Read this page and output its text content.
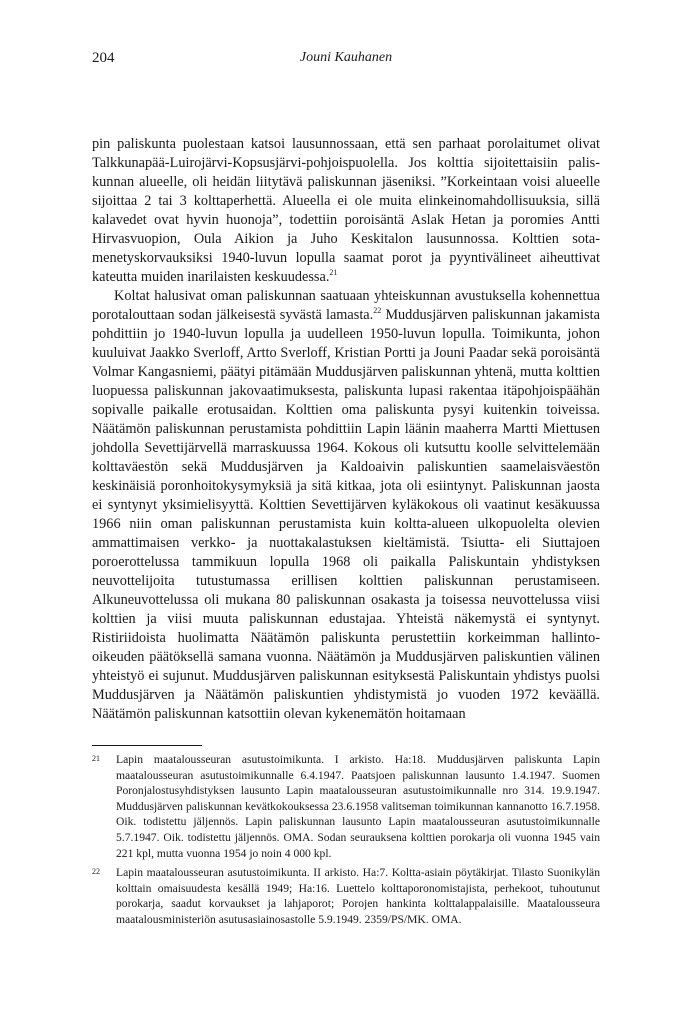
204	Jouni Kauhanen

pin paliskunta puolestaan katsoi lausunnossaan, että sen parhaat porolaitumet olivat Talkkunapää-Luirojärvi-Kopsusjärvi-pohjoispuolella. Jos kolttia sijoitettaisiin paliskunnan alueelle, oli heidän liitytävä paliskunnan jäseniksi. ”Korkeintaan voisi alueelle sijoittaa 2 tai 3 kolttaperhettä. Alueella ei ole muita elinkeinomahdollisuuksia, sillä kalavedet ovat hyvin huonoja”, todettiin poroisäntä Aslak Hetan ja poromies Antti Hirvasvuopion, Oula Aikion ja Juho Keskitalon lausunnossa. Kolttien sotamenetyskorvauksiksi 1940-luvun lopulla saamat porot ja pyyntivälineet aiheuttivat kateutta muiden inarilaisten keskuudessa.$^{21}$

Koltat halusivat oman paliskunnan saatuaan yhteiskunnan avustuksella kohennettua porotalouttaan sodan jälkeisestä syvästä lamasta.$^{22}$ Muddusjärven paliskunnan jakamista pohdittiin jo 1940-luvun lopulla ja uudelleen 1950-luvun lopulla. Toimikunta, johon kuuluivat Jaakko Sverloff, Artto Sverloff, Kristian Portti ja Jouni Paadar sekä poroisäntä Volmar Kangasniemi, päätyi pitämään Muddusjärven paliskunnan yhtenä, mutta kolttien luopuessa paliskunnan jakovaatimuksesta, paliskunta lupasi rakentaa itäpohjoispäähän sopivalle paikalle erotusaidan. Kolttien oma paliskunta pysyi kuitenkin toiveissa. Näätämön paliskunnan perustamista pohdittiin Lapin läänin maaherra Martti Miettusen johdolla Sevettijärvellä marraskuussa 1964. Kokous oli kutsuttu koolle selvittelemään kolttaväestön sekä Muddusjärven ja Kaldoaivin paliskuntien saamelaisväestön keskinäisiä poronhoitokysymyksiä ja sitä kitkaa, jota oli esiintynyt. Paliskunnan jaosta ei syntynyt yksimielisyyttä. Kolttien Sevettijärven kyläkokous oli vaatinut kesäkuussa 1966 niin oman paliskunnan perustamista kuin koltta-alueen ulkopuolelta olevien ammattimaisen verkko- ja nuottakalastuksen kieltämistä. Tsiutta- eli Siuttajoen poroerottelussa tammikuun lopulla 1968 oli paikalla Paliskuntain yhdistyksen neuvottelijoita tutustumassa erillisen kolttien paliskunnan perustamiseen. Alkuneuvottelussa oli mukana 80 paliskunnan osakasta ja toisessa neuvottelussa viisi kolttien ja viisi muuta paliskunnan edustajaa. Yhteistä näkemystä ei syntynyt. Ristiriidoista huolimatta Näätämön paliskunta perustettiin korkeimman hallinto-oikeuden päätöksellä samana vuonna. Näätämön ja Muddusjärven paliskuntien välinen yhteistyö ei sujunut. Muddusjärven paliskunnan esityksestä Paliskuntain yhdistys puolsi Muddusjärven ja Näätämön paliskuntien yhdistymistä jo vuoden 1972 keväällä. Näätämön paliskunnan katsottiin olevan kykenemätön hoitamaan

21	Lapin maatalousseuran asutustoimikunta. I arkisto. Ha:18. Muddusjärven paliskunta Lapin maatalousseuran asutustoimikunnalle 6.4.1947. Paatsjoen paliskunnan lausunto 1.4.1947. Suomen Poronjalostusyhdistyksen lausunto Lapin maatalousseuran asutustoimikunnalle nro 314. 19.9.1947. Muddusjärven paliskunnan kevätkokouksessa 23.6.1958 valitseman toimikunnan kannanotto 16.7.1958. Oik. todistettu jäljennös. Lapin paliskunnan lausunto Lapin maatalousseuran asutustoimikunnalle 5.7.1947. Oik. todistettu jäljennös. OMA. Sodan seurauksena kolttien porokarja oli vuonna 1945 vain 221 kpl, mutta vuonna 1954 jo noin 4 000 kpl.
22	Lapin maatalousseuran asutustoimikunta. II arkisto. Ha:7. Koltta-asiain pöytäkirjat. Tilasto Suonikylän kolttain omaisuudesta kesällä 1949; Ha:16. Luettelo kolttaporonomistajista, perhekoot, tuhoutunut porokarja, saadut korvaukset ja lahjaporot; Porojen hankinta kolttalappalaisille. Maatalousseura maatalousministeriön asutusasiainosastolle 5.9.1949. 2359/PS/MK. OMA.
